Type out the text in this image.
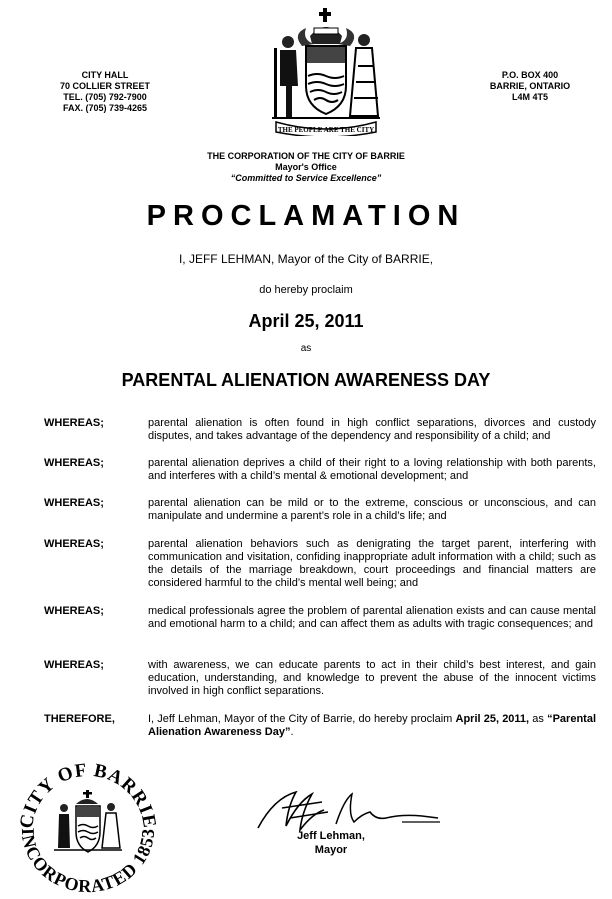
CITY HALL
70 COLLIER STREET
TEL. (705) 792-7900
FAX. (705) 739-4265
THE PEOPLE ARE THE CITY
P.O. BOX 400
BARRIE, ONTARIO
L4M 4T5
THE CORPORATION OF THE CITY OF BARRIE
Mayor's Office
“Committed to Service Excellence”
PROCLAMATION
I, JEFF LEHMAN, Mayor of the City of BARRIE,
do hereby proclaim
April 25, 2011
as
PARENTAL ALIENATION AWARENESS DAY
WHEREAS;	parental alienation is often found in high conflict separations, divorces and custody disputes, and takes advantage of the dependency and responsibility of a child; and
WHEREAS;	parental alienation deprives a child of their right to a loving relationship with both parents, and interferes with a child’s mental & emotional development; and
WHEREAS;	parental alienation can be mild or to the extreme, conscious or unconscious, and can manipulate and undermine a parent’s role in a child’s life; and
WHEREAS;	parental alienation behaviors such as denigrating the target parent, interfering with communication and visitation, confiding inappropriate adult information with a child; such as the details of the marriage breakdown, court proceedings and financial matters are considered harmful to the child’s mental well being; and
WHEREAS;	medical professionals agree the problem of parental alienation exists and can cause mental and emotional harm to a child; and can affect them as adults with tragic consequences; and
WHEREAS;	with awareness, we can educate parents to act in their child’s best interest, and gain education, understanding, and knowledge to prevent the abuse of the innocent victims involved in high conflict separations.
THEREFORE,	I, Jeff Lehman, Mayor of the City of Barrie, do hereby proclaim April 25, 2011, as “Parental Alienation Awareness Day”.
CITY OF BARRIE
INCORPORATED 1853	Jeff Lehman,
Mayor
